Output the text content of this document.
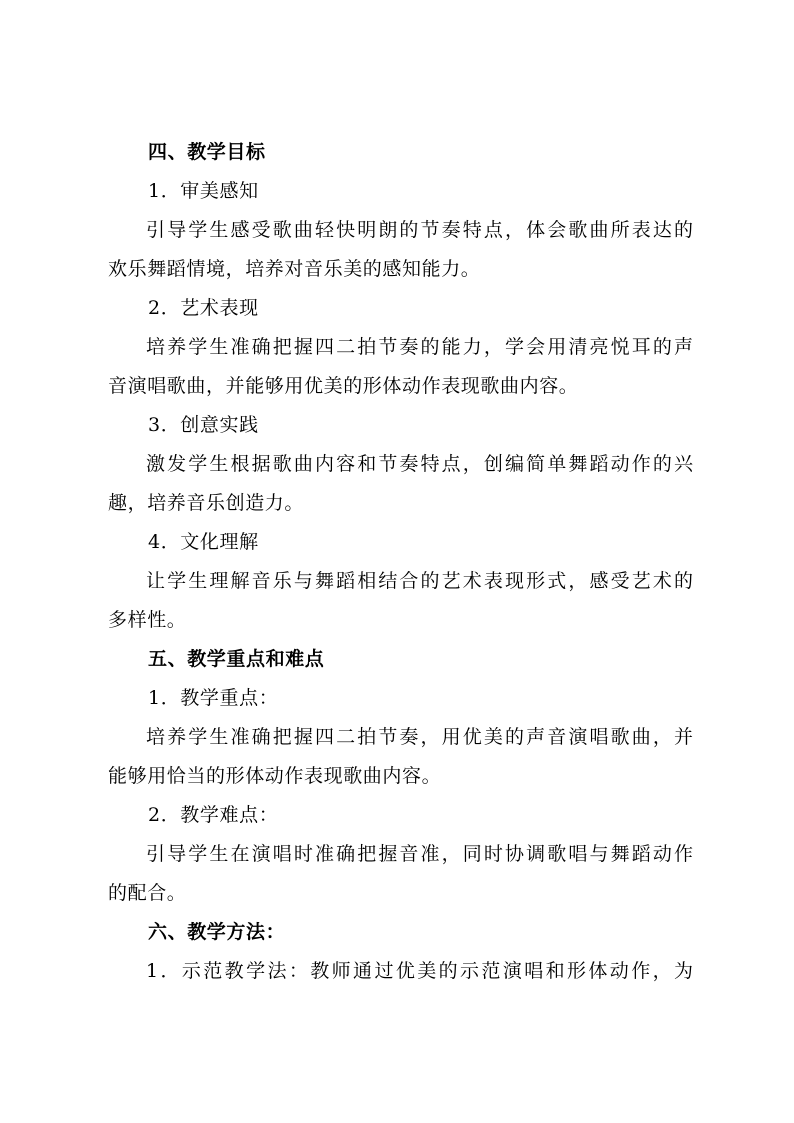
四、教学目标
1．审美感知
引导学生感受歌曲轻快明朗的节奏特点，体会歌曲所表达的
欢乐舞蹈情境，培养对音乐美的感知能力。
2．艺术表现
培养学生准确把握四二拍节奏的能力，学会用清亮悦耳的声
音演唱歌曲，并能够用优美的形体动作表现歌曲内容。
3．创意实践
激发学生根据歌曲内容和节奏特点，创编简单舞蹈动作的兴
趣，培养音乐创造力。
4．文化理解
让学生理解音乐与舞蹈相结合的艺术表现形式，感受艺术的
多样性。
五、教学重点和难点
1．教学重点：
培养学生准确把握四二拍节奏，用优美的声音演唱歌曲，并
能够用恰当的形体动作表现歌曲内容。
2．教学难点：
引导学生在演唱时准确把握音准，同时协调歌唱与舞蹈动作
的配合。
六、教学方法：
1．示范教学法：教师通过优美的示范演唱和形体动作，为
